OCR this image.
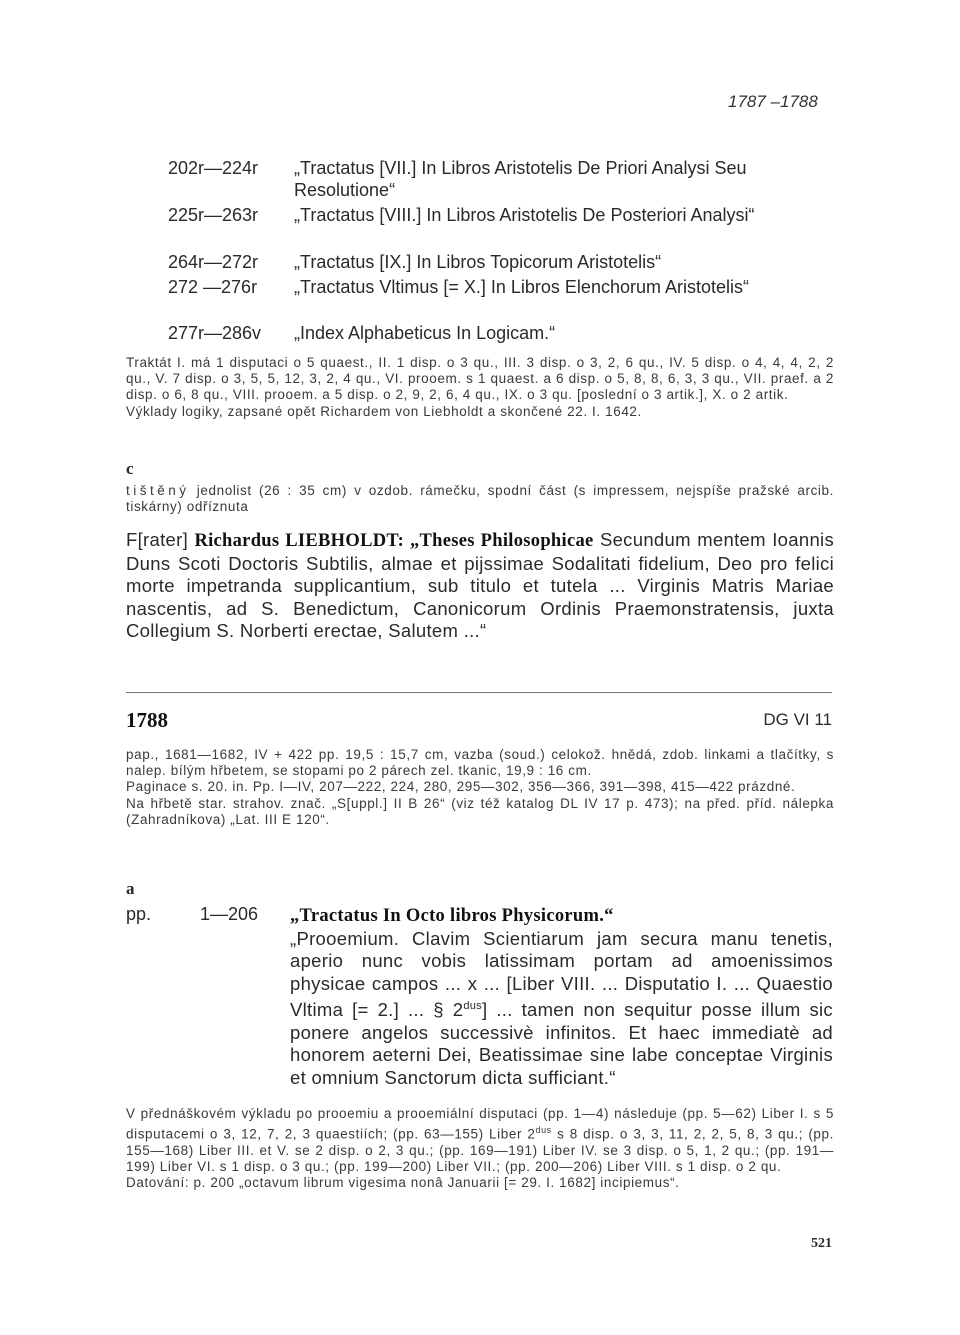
1787 –1788
202r—224r	„Tractatus [VII.] In Libros Aristotelis De Priori Analysi Seu Resolutione“
225r—263r	„Tractatus [VIII.] In Libros Aristotelis De Posteriori Analysi“
264r—272r	„Tractatus [IX.] In Libros Topicorum Aristotelis“
272 —276r	„Tractatus Vltimus [= X.] In Libros Elenchorum Aristotelis“
277r—286v	„Index Alphabeticus In Logicam.“

Traktát I. má 1 disputaci o 5 quaest., II. 1 disp. o 3 qu., III. 3 disp. o 3, 2, 6 qu., IV. 5 disp. o 4, 4, 4, 2, 2 qu., V. 7 disp. o 3, 5, 5, 12, 3, 2, 4 qu., VI. prooem. s 1 quaest. a 6 disp. o 5, 8, 8, 6, 3, 3 qu., VII. praef. a 2 disp. o 6, 8 qu., VIII. prooem. a 5 disp. o 2, 9, 2, 6, 4 qu., IX. o 3 qu. [poslední o 3 artik.], X. o 2 artik.

Výklady logiky, zapsané opět Richardem von Liebholdt a skončené 22. I. 1642.

c

tištěný jednolist (26 : 35 cm) v ozdob. rámečku, spodní část (s impressem, nejspíše pražské arcib. tiskárny) odříznuta

F[rater] Richardus LIEBHOLDT: „Theses Philosophicae Secundum mentem Ioannis Duns Scoti Doctoris Subtilis, almae et pijssimae Sodalitati fidelium, Deo pro felici morte impetranda supplicantium, sub titulo et tutela ... Virginis Matris Mariae nascentis, ad S. Benedictum, Canonicorum Ordinis Praemonstratensis, juxta Collegium S. Norberti erectae, Salutem ...“

1788	DG VI 11

pap., 1681—1682, IV + 422 pp. 19,5 : 15,7 cm, vazba (soud.) celokož. hnědá, zdob. linkami a tlačítky, s nalep. bílým hřbetem, se stopami po 2 párech zel. tkanic, 19,9 : 16 cm.

Paginace s. 20. in. Pp. I—IV, 207—222, 224, 280, 295—302, 356—366, 391—398, 415—422 prázdné.

Na hřbetě star. strahov. znač. „S[uppl.] II B 26“ (viz též katalog DL IV 17 p. 473); na před. příd. nálepka (Zahradníkova) „Lat. III E 120“.

a
pp.	1—206 „Tractatus In Octo libros Physicorum.“

„Prooemium. Clavim Scientiarum jam secura manu tenetis, aperio nunc vobis latissimam portam ad amoenissimos physicae campos ... x ... [Liber VIII. ... Disputatio I. ... Quaestio Vltima [= 2.] ... § $2^{dus}$] ... tamen non sequitur posse illum sic ponere angelos successivè infinitos. Et haec immediatè ad honorem aeterni Dei, Beatissimae sine labe conceptae Virginis et omnium Sanctorum dicta sufficiant.“

V přednáškovém výkladu po prooemiu a prooemiální disputaci (pp. 1—4) následuje (pp. 5—62) Liber I. s 5 disputacemi o 3, 12, 7, 2, 3 quaestiích; (pp. 63—155) Liber $2^{dus}$ s 8 disp. o 3, 3, 11, 2, 2, 5, 8, 3 qu.; (pp. 155—168) Liber III. et V. se 2 disp. o 2, 3 qu.; (pp. 169—191) Liber IV. se 3 disp. o 5, 1, 2 qu.; (pp. 191—199) Liber VI. s 1 disp. o 3 qu.; (pp. 199—200) Liber VII.; (pp. 200—206) Liber VIII. s 1 disp. o 2 qu.

Datování: p. 200 „octavum librum vigesima nonâ Januarii [= 29. I. 1682] incipiemus“.

521
